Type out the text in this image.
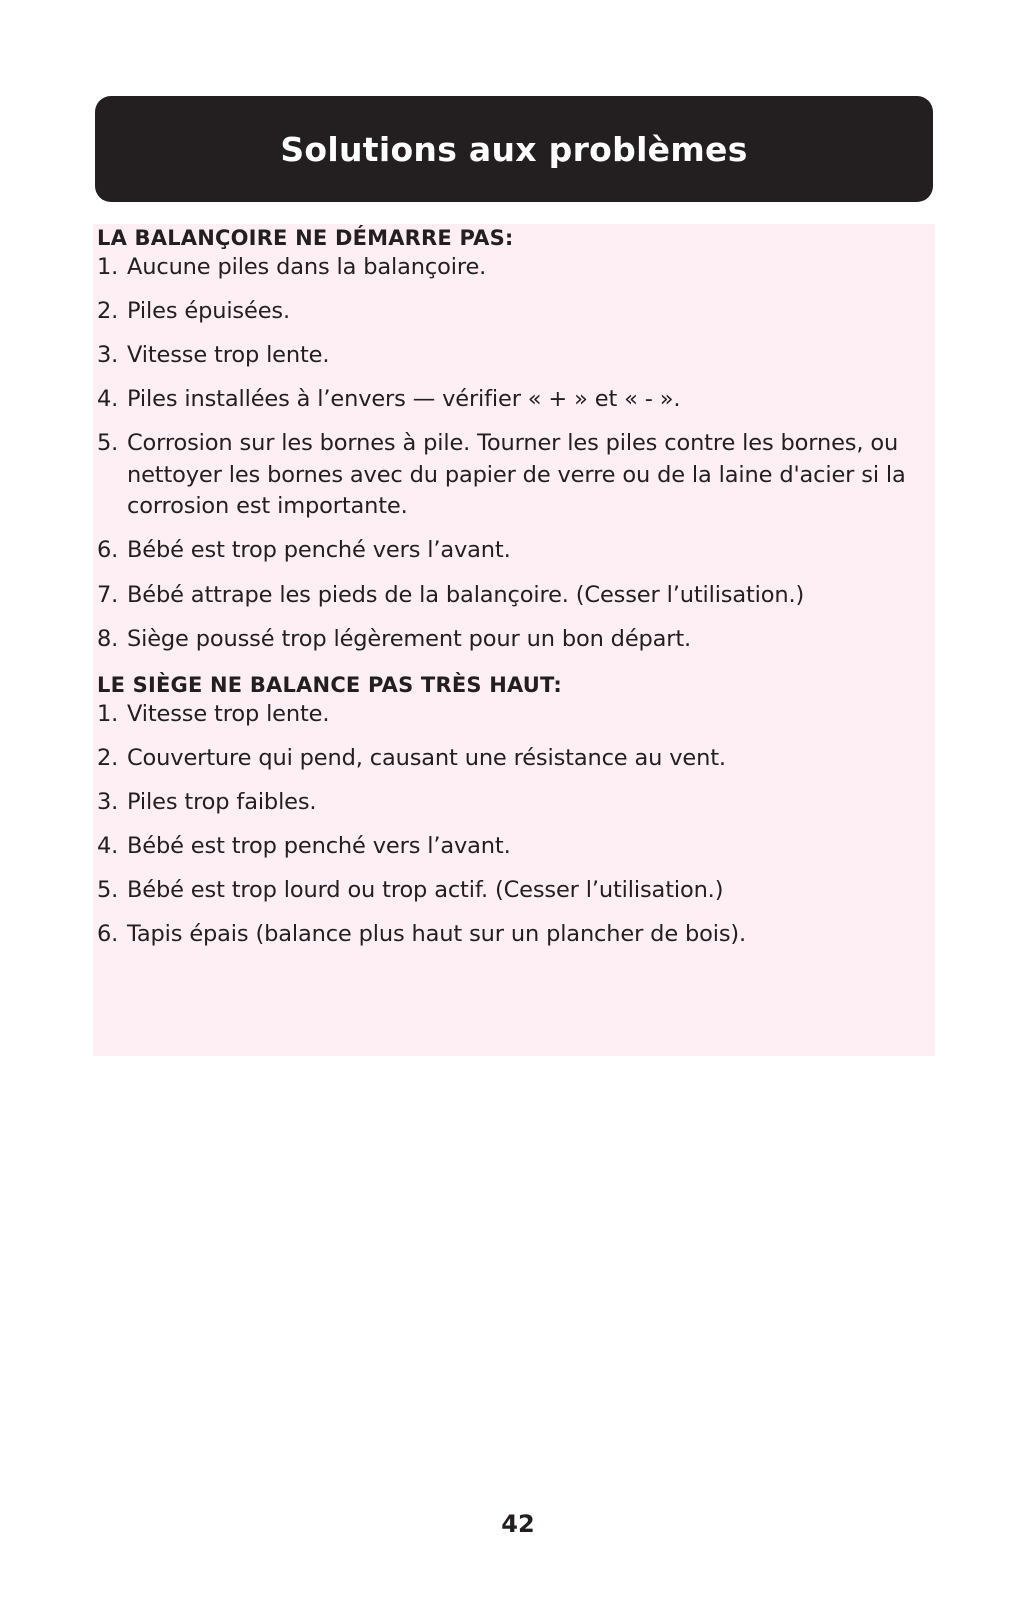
Solutions aux problèmes
LA BALANÇOIRE NE DÉMARRE PAS:
1. Aucune piles dans la balançoire.
2. Piles épuisées.
3. Vitesse trop lente.
4. Piles installées à l’envers — vérifier « + » et « - ».
5. Corrosion sur les bornes à pile. Tourner les piles contre les bornes, ou nettoyer les bornes avec du papier de verre ou de la laine d'acier si la corrosion est importante.
6. Bébé est trop penché vers l’avant.
7. Bébé attrape les pieds de la balançoire. (Cesser l’utilisation.)
8. Siège poussé trop légèrement pour un bon départ.
LE SIÈGE NE BALANCE PAS TRÈS HAUT:
1. Vitesse trop lente.
2. Couverture qui pend, causant une résistance au vent.
3. Piles trop faibles.
4. Bébé est trop penché vers l’avant.
5. Bébé est trop lourd ou trop actif. (Cesser l’utilisation.)
6. Tapis épais (balance plus haut sur un plancher de bois).
42
